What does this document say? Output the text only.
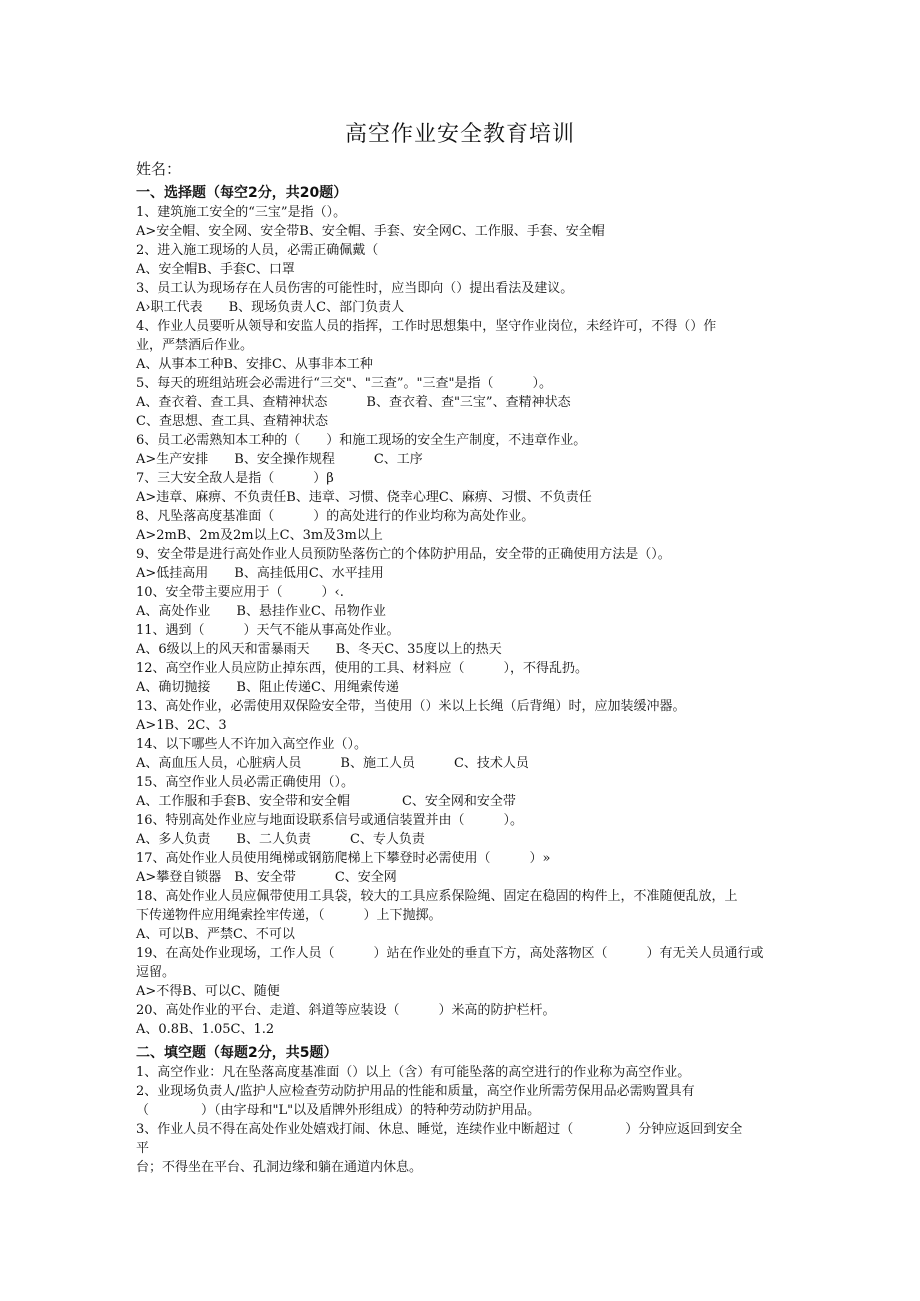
高空作业安全教育培训
姓名：
一、选择题（每空2分，共20题）
1、建筑施工安全的“三宝”是指（）。
A>安全帽、安全网、安全带B、安全帽、手套、安全网C、工作服、手套、安全帽
2、进入施工现场的人员，必需正确佩戴（
A、安全帽B、手套C、口罩
3、员工认为现场存在人员伤害的可能性时，应当即向（）提出看法及建议。
A›职工代表　　B、现场负责人C、部门负责人
4、作业人员要听从领导和安监人员的指挥，工作时思想集中，坚守作业岗位，未经许可，不得（）作
业，严禁酒后作业。
A、从事本工种B、安排C、从事非本工种
5、每天的班组站班会必需进行“三交"、"三查”。"三查"是指（　　　）。
A、查衣着、查工具、查精神状态　　　B、查衣着、查"三宝”、查精神状态
C、查思想、查工具、查精神状态
6、员工必需熟知本工种的（　　）和施工现场的安全生产制度，不违章作业。
A>生产安排　　B、安全操作规程　　　C、工序
7、三大安全敌人是指（　　　）β
A>违章、麻痹、不负责任B、违章、习惯、侥幸心理C、麻痹、习惯、不负责任
8、凡坠落高度基准面（　　　）的高处进行的作业均称为高处作业。
A>2mB、2m及2m以上C、3m及3m以上
9、安全带是进行高处作业人员预防坠落伤亡的个体防护用品，安全带的正确使用方法是（）。
A>低挂高用　　B、高挂低用C、水平挂用
10、安全带主要应用于（　　　）‹.
A、高处作业　　B、悬挂作业C、吊物作业
11、遇到（　　　）天气不能从事高处作业。
A、6级以上的风天和雷暴雨天　　B、冬天C、35度以上的热天
12、高空作业人员应防止掉东西，使用的工具、材料应（　　　），不得乱扔。
A、确切抛接　　B、阻止传递C、用绳索传递
13、高处作业，必需使用双保险安全带，当使用（）米以上长绳（后背绳）时，应加装缓冲器。
A>1B、2C、3
14、以下哪些人不许加入高空作业（）。
A、高血压人员，心脏病人员　　　B、施工人员　　　C、技术人员
15、高空作业人员必需正确使用（）。
A、工作服和手套B、安全带和安全帽　　　　C、安全网和安全带
16、特别高处作业应与地面设联系信号或通信装置并由（　　　）。
A、多人负责　　B、二人负责　　　C、专人负责
17、高处作业人员使用绳梯或钢筋爬梯上下攀登时必需使用（　　　）»
A>攀登自锁器　B、安全带　　　C、安全网
18、高处作业人员应佩带使用工具袋，较大的工具应系保险绳、固定在稳固的构件上，不准随便乱放，上
下传递物件应用绳索拴牢传递，（　　　）上下抛掷。
A、可以B、严禁C、不可以
19、在高处作业现场，工作人员（　　　）站在作业处的垂直下方，高处落物区（　　　）有无关人员通行或
逗留。
A>不得B、可以C、随便
20、高处作业的平台、走道、斜道等应装设（　　　）米高的防护栏杆。
A、0.8B、1.05C、1.2
二、填空题（每题2分，共5题）
1、高空作业：凡在坠落高度基准面（）以上（含）有可能坠落的高空进行的作业称为高空作业。
2、业现场负责人/监护人应检查劳动防护用品的性能和质量，高空作业所需劳保用品必需购置具有
（　　　　）（由字母和"L"以及盾牌外形组成）的特种劳动防护用品。
3、作业人员不得在高处作业处嬉戏打闹、休息、睡觉，连续作业中断超过（　　　　）分钟应返回到安全
平
台；不得坐在平台、孔洞边缘和躺在通道内休息。
